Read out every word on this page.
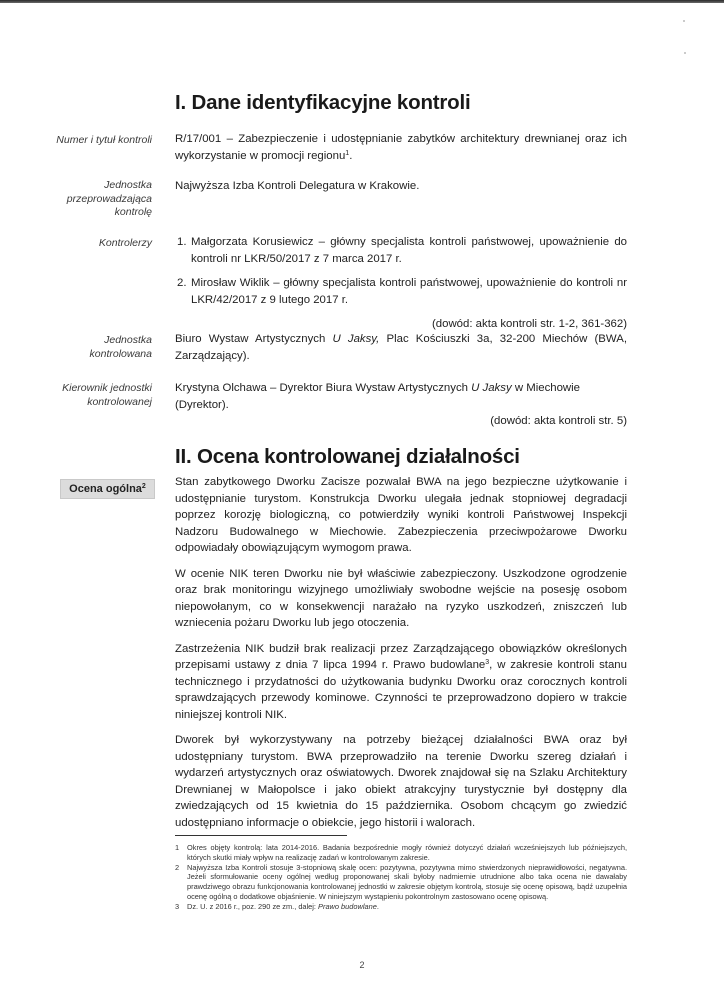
I. Dane identyfikacyjne kontroli
Numer i tytuł kontroli R/17/001 – Zabezpieczenie i udostępnianie zabytków architektury drewnianej oraz ich wykorzystanie w promocji regionu$^1$.
Jednostka przeprowadzająca kontrolę
Najwyższa Izba Kontroli Delegatura w Krakowie.
Kontrolerzy 1. Małgorzata Korusiewicz – główny specjalista kontroli państwowej, upoważnienie do kontroli nr LKR/50/2017 z 7 marca 2017 r.
2. Mirosław Wiklik – główny specjalista kontroli państwowej, upoważnienie do kontroli nr LKR/42/2017 z 9 lutego 2017 r.
(dowód: akta kontroli str. 1-2, 361-362)
Jednostka kontrolowana
Biuro Wystaw Artystycznych U Jaksy, Plac Kościuszki 3a, 32-200 Miechów (BWA, Zarządzający).
Kierownik jednostki kontrolowanej
Krystyna Olchawa – Dyrektor Biura Wystaw Artystycznych U Jaksy w Miechowie (Dyrektor).
(dowód: akta kontroli str. 5)
II. Ocena kontrolowanej działalności
Ocena ogólna$^2$	Stan zabytkowego Dworku Zacisze pozwalał BWA na jego bezpieczne użytkowanie i udostępnianie turystom. Konstrukcja Dworku ulegała jednak stopniowej degradacji poprzez korozję biologiczną, co potwierdziły wyniki kontroli Państwowej Inspekcji Nadzoru Budowalnego w Miechowie. Zabezpieczenia przeciwpożarowe Dworku odpowiadały obowiązującym wymogom prawa.

W ocenie NIK teren Dworku nie był właściwie zabezpieczony. Uszkodzone ogrodzenie oraz brak monitoringu wizyjnego umożliwiały swobodne wejście na posesję osobom niepowołanym, co w konsekwencji narażało na ryzyko uszkodzeń, zniszczeń lub wzniecenia pożaru Dworku lub jego otoczenia.

Zastrzeżenia NIK budził brak realizacji przez Zarządzającego obowiązków określonych przepisami ustawy z dnia 7 lipca 1994 r. Prawo budowlane$^3$, w zakresie kontroli stanu technicznego i przydatności do użytkowania budynku Dworku oraz corocznych kontroli sprawdzających przewody kominowe. Czynności te przeprowadzono dopiero w trakcie niniejszej kontroli NIK.

Dworek był wykorzystywany na potrzeby bieżącej działalności BWA oraz był udostępniany turystom. BWA przeprowadziło na terenie Dworku szereg działań i wydarzeń artystycznych oraz oświatowych. Dworek znajdował się na Szlaku Architektury Drewnianej w Małopolsce i jako obiekt atrakcyjny turystycznie był dostępny dla zwiedzających od 15 kwietnia do 15 października. Osobom chcącym go zwiedzić udostępniano informacje o obiekcie, jego historii i walorach.

1 Okres objęty kontrolą: lata 2014-2016. Badania bezpośrednie mogły również dotyczyć działań wcześniejszych lub późniejszych, których skutki miały wpływ na realizację zadań w kontrolowanym zakresie.
2 Najwyższa Izba Kontroli stosuje 3-stopniową skalę ocen: pozytywna, pozytywna mimo stwierdzonych nieprawidłowości, negatywna. Jeżeli sformułowanie oceny ogólnej według proponowanej skali byłoby nadmiernie utrudnione albo taka ocena nie dawałaby prawdziwego obrazu funkcjonowania kontrolowanej jednostki w zakresie objętym kontrolą, stosuje się ocenę opisową, bądź uzupełnia ocenę ogólną o dodatkowe objaśnienie. W niniejszym wystąpieniu pokontrolnym zastosowano ocenę opisową.
3 Dz. U. z 2016 r., poz. 290 ze zm., dalej: Prawo budowlane.
2
